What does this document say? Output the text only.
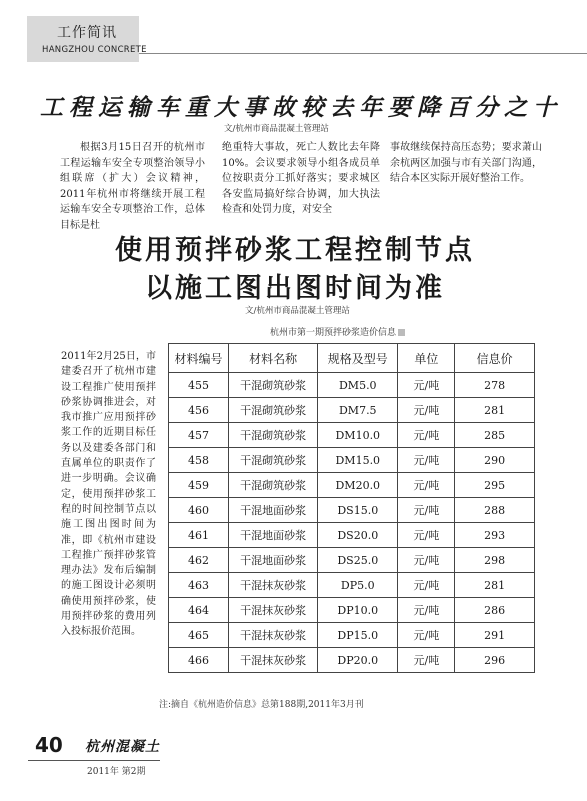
工作简讯
HANGZHOU CONCRETE
工程运输车重大事故较去年要降百分之十
文/杭州市商品混凝土管理站
根据3月15日召开的杭州市工程运输车安全专项整治领导小组联席（扩大）会议精神，2011年杭州市将继续开展工程运输车安全专项整治工作，总体目标是杜
绝重特大事故，死亡人数比去年降10%。会议要求领导小组各成员单位按职责分工抓好落实；要求城区各安监局搞好综合协调，加大执法检查和处罚力度，对安全
事故继续保持高压态势；要求萧山余杭两区加强与市有关部门沟通，结合本区实际开展好整治工作。
使用预拌砂浆工程控制节点
以施工图出图时间为准
文/杭州市商品混凝土管理站
2011年2月25日，市建委召开了杭州市建设工程推广使用预拌砂浆协调推进会，对我市推广应用预拌砂浆工作的近期目标任务以及建委各部门和直属单位的职责作了进一步明确。会议确定，使用预拌砂浆工程的时间控制节点以施工图出图时间为准，即《杭州市建设工程推广预拌砂浆管理办法》发布后编制的施工图设计必须明确使用预拌砂浆，使用预拌砂浆的费用列入投标报价范围。
杭州市第一期预拌砂浆造价信息
材料编号	材料名称	规格及型号	单位	信息价
455	干混砌筑砂浆	DM5.0	元/吨	278
456	干混砌筑砂浆	DM7.5	元/吨	281
457	干混砌筑砂浆	DM10.0	元/吨	285
458	干混砌筑砂浆	DM15.0	元/吨	290
459	干混砌筑砂浆	DM20.0	元/吨	295
460	干混地面砂浆	DS15.0	元/吨	288
461	干混地面砂浆	DS20.0	元/吨	293
462	干混地面砂浆	DS25.0	元/吨	298
463	干混抹灰砂浆	DP5.0	元/吨	281
464	干混抹灰砂浆	DP10.0	元/吨	286
465	干混抹灰砂浆	DP15.0	元/吨	291
466	干混抹灰砂浆	DP20.0	元/吨	296
注:摘自《杭州造价信息》总第188期,2011年3月刊
40 杭州混凝土
2011年 第2期
